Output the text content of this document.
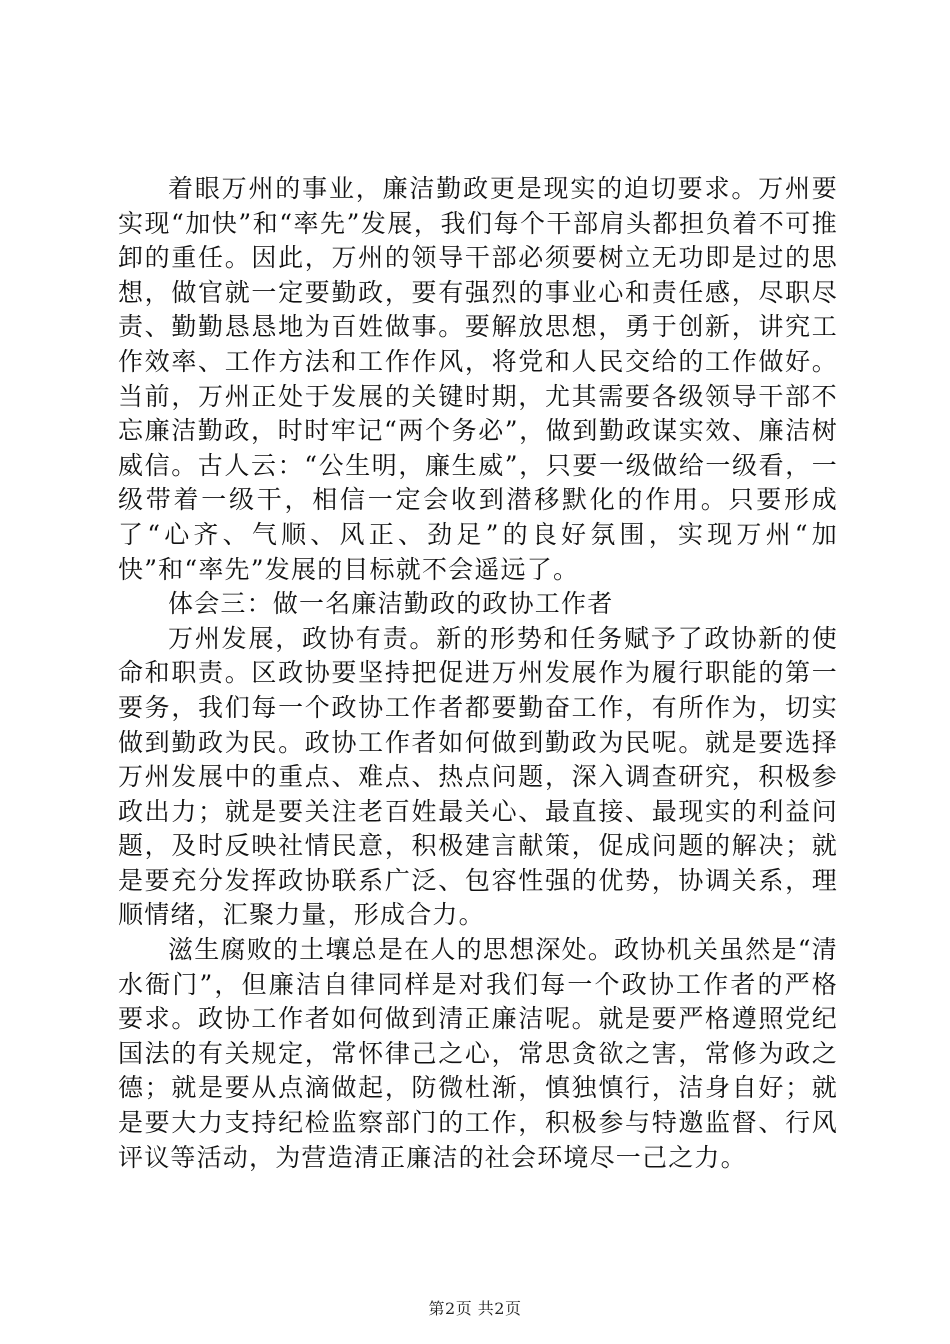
着眼万州的事业，廉洁勤政更是现实的迫切要求。万州要实现“加快”和“率先”发展，我们每个干部肩头都担负着不可推卸的重任。因此，万州的领导干部必须要树立无功即是过的思想，做官就一定要勤政，要有强烈的事业心和责任感，尽职尽责、勤勤恳恳地为百姓做事。要解放思想，勇于创新，讲究工作效率、工作方法和工作作风，将党和人民交给的工作做好。当前，万州正处于发展的关键时期，尤其需要各级领导干部不忘廉洁勤政，时时牢记“两个务必”，做到勤政谋实效、廉洁树威信。古人云：“公生明，廉生威”，只要一级做给一级看，一级带着一级干，相信一定会收到潜移默化的作用。只要形成了“心齐、气顺、风正、劲足”的良好氛围，实现万州“加快”和“率先”发展的目标就不会遥远了。

体会三：做一名廉洁勤政的政协工作者

万州发展，政协有责。新的形势和任务赋予了政协新的使命和职责。区政协要坚持把促进万州发展作为履行职能的第一要务，我们每一个政协工作者都要勤奋工作，有所作为，切实做到勤政为民。政协工作者如何做到勤政为民呢。就是要选择万州发展中的重点、难点、热点问题，深入调查研究，积极参政出力；就是要关注老百姓最关心、最直接、最现实的利益问题，及时反映社情民意，积极建言献策，促成问题的解决；就是要充分发挥政协联系广泛、包容性强的优势，协调关系，理顺情绪，汇聚力量，形成合力。

滋生腐败的土壤总是在人的思想深处。政协机关虽然是“清水衙门”，但廉洁自律同样是对我们每一个政协工作者的严格要求。政协工作者如何做到清正廉洁呢。就是要严格遵照党纪国法的有关规定，常怀律己之心，常思贪欲之害，常修为政之德；就是要从点滴做起，防微杜渐，慎独慎行，洁身自好；就是要大力支持纪检监察部门的工作，积极参与特邀监督、行风评议等活动，为营造清正廉洁的社会环境尽一己之力。

第2页 共2页
